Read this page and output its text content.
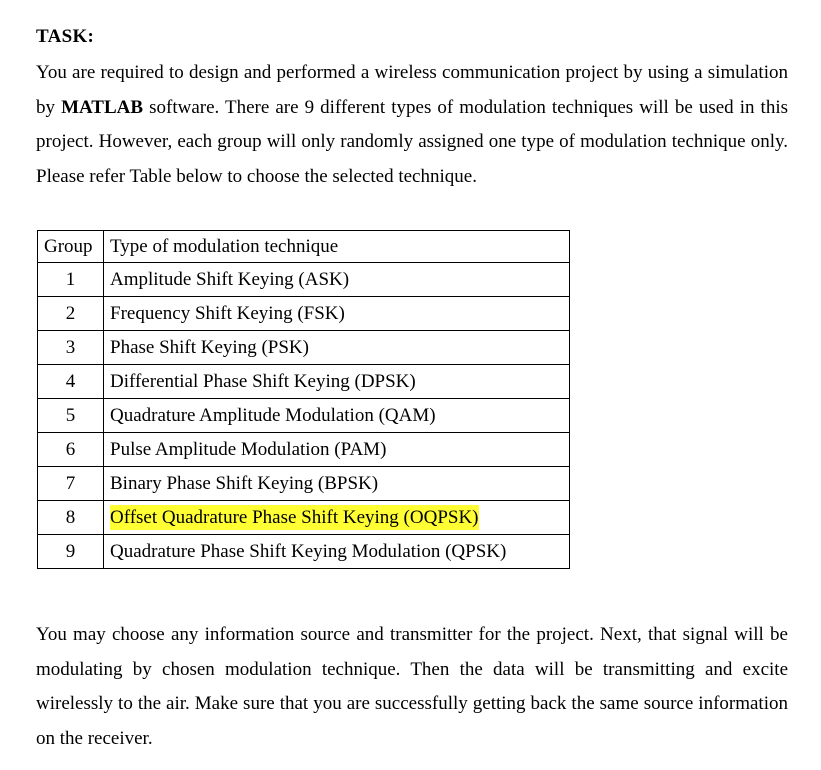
TASK:
You are required to design and performed a wireless communication project by using a simulation by MATLAB software. There are 9 different types of modulation techniques will be used in this project. However, each group will only randomly assigned one type of modulation technique only. Please refer Table below to choose the selected technique.
Group	Type of modulation technique
1	Amplitude Shift Keying (ASK)
2	Frequency Shift Keying (FSK)
3	Phase Shift Keying (PSK)
4	Differential Phase Shift Keying (DPSK)
5	Quadrature Amplitude Modulation (QAM)
6	Pulse Amplitude Modulation (PAM)
7	Binary Phase Shift Keying (BPSK)
8	Offset Quadrature Phase Shift Keying (OQPSK)
9	Quadrature Phase Shift Keying Modulation (QPSK)
You may choose any information source and transmitter for the project. Next, that signal will be modulating by chosen modulation technique. Then the data will be transmitting and excite wirelessly to the air. Make sure that you are successfully getting back the same source information on the receiver.
